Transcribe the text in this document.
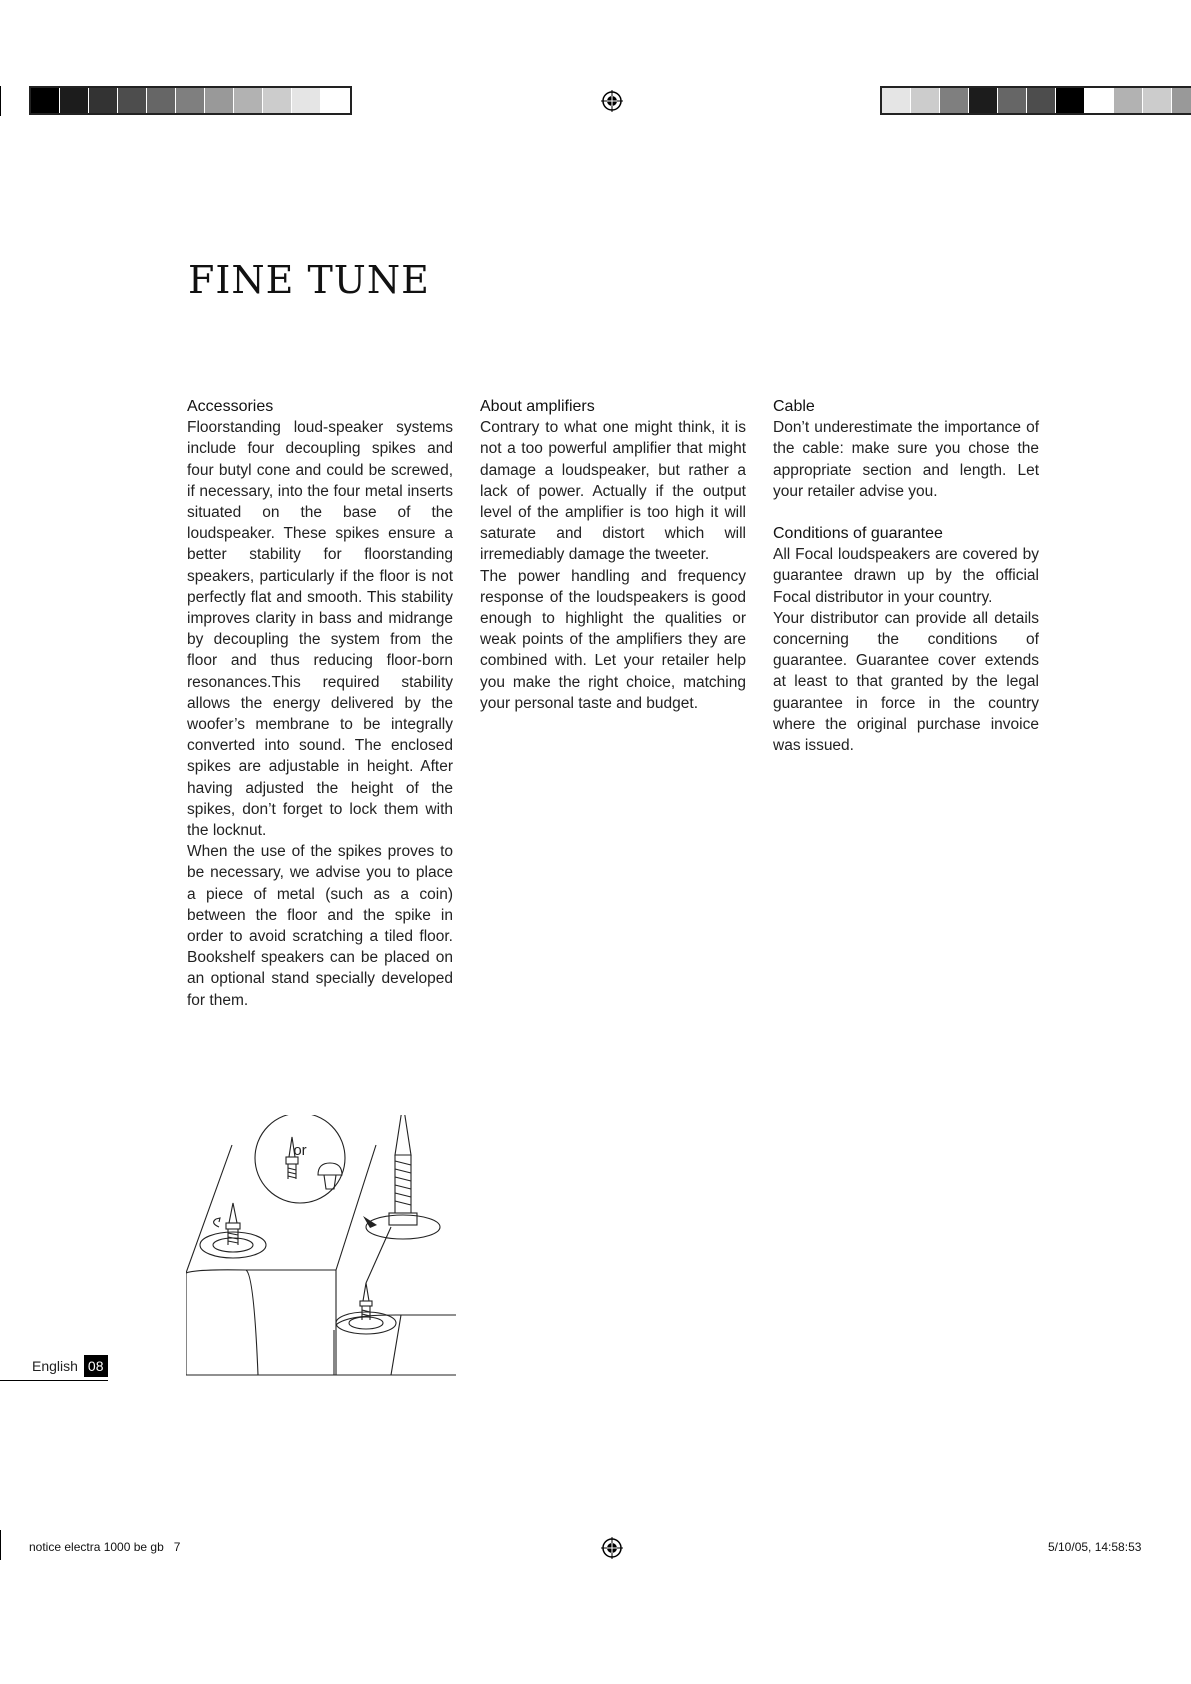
FINE TUNE
Accessories

Floorstanding loud-speaker systems include four decoupling spikes and four butyl cone and could be screwed, if necessary, into the four metal inserts situated on the base of the loudspeaker. These spikes ensure a better stability for floorstanding speakers, particularly if the floor is not perfectly flat and smooth. This stability improves clarity in bass and midrange by decoupling the system from the floor and thus reducing floor-born resonances.This required stability allows the energy delivered by the woofer’s membrane to be integrally converted into sound. The enclosed spikes are adjustable in height. After having adjusted the height of the spikes, don’t forget to lock them with the locknut.

When the use of the spikes proves to be necessary, we advise you to place a piece of metal (such as a coin) between the floor and the spike in order to avoid scratching a tiled floor. Bookshelf speakers can be placed on an optional stand specially developed for them.

About amplifiers

Contrary to what one might think, it is not a too powerful amplifier that might damage a loudspeaker, but rather a lack of power. Actually if the output level of the amplifier is too high it will saturate and distort which will irremediably damage the tweeter.

The power handling and frequency response of the loudspeakers is good enough to highlight the qualities or weak points of the amplifiers they are combined with. Let your retailer help you make the right choice, matching your personal taste and budget.

Cable

Don’t underestimate the importance of the cable: make sure you chose the appropriate section and length. Let your retailer advise you.

Conditions of guarantee

All Focal loudspeakers are covered by guarantee drawn up by the official Focal distributor in your country.

Your distributor can provide all details concerning the conditions of guarantee. Guarantee cover extends at least to that granted by the legal guarantee in force in the country where the original purchase invoice was issued.

or
English 08
notice electra 1000 be gb   7	5/10/05, 14:58:53
